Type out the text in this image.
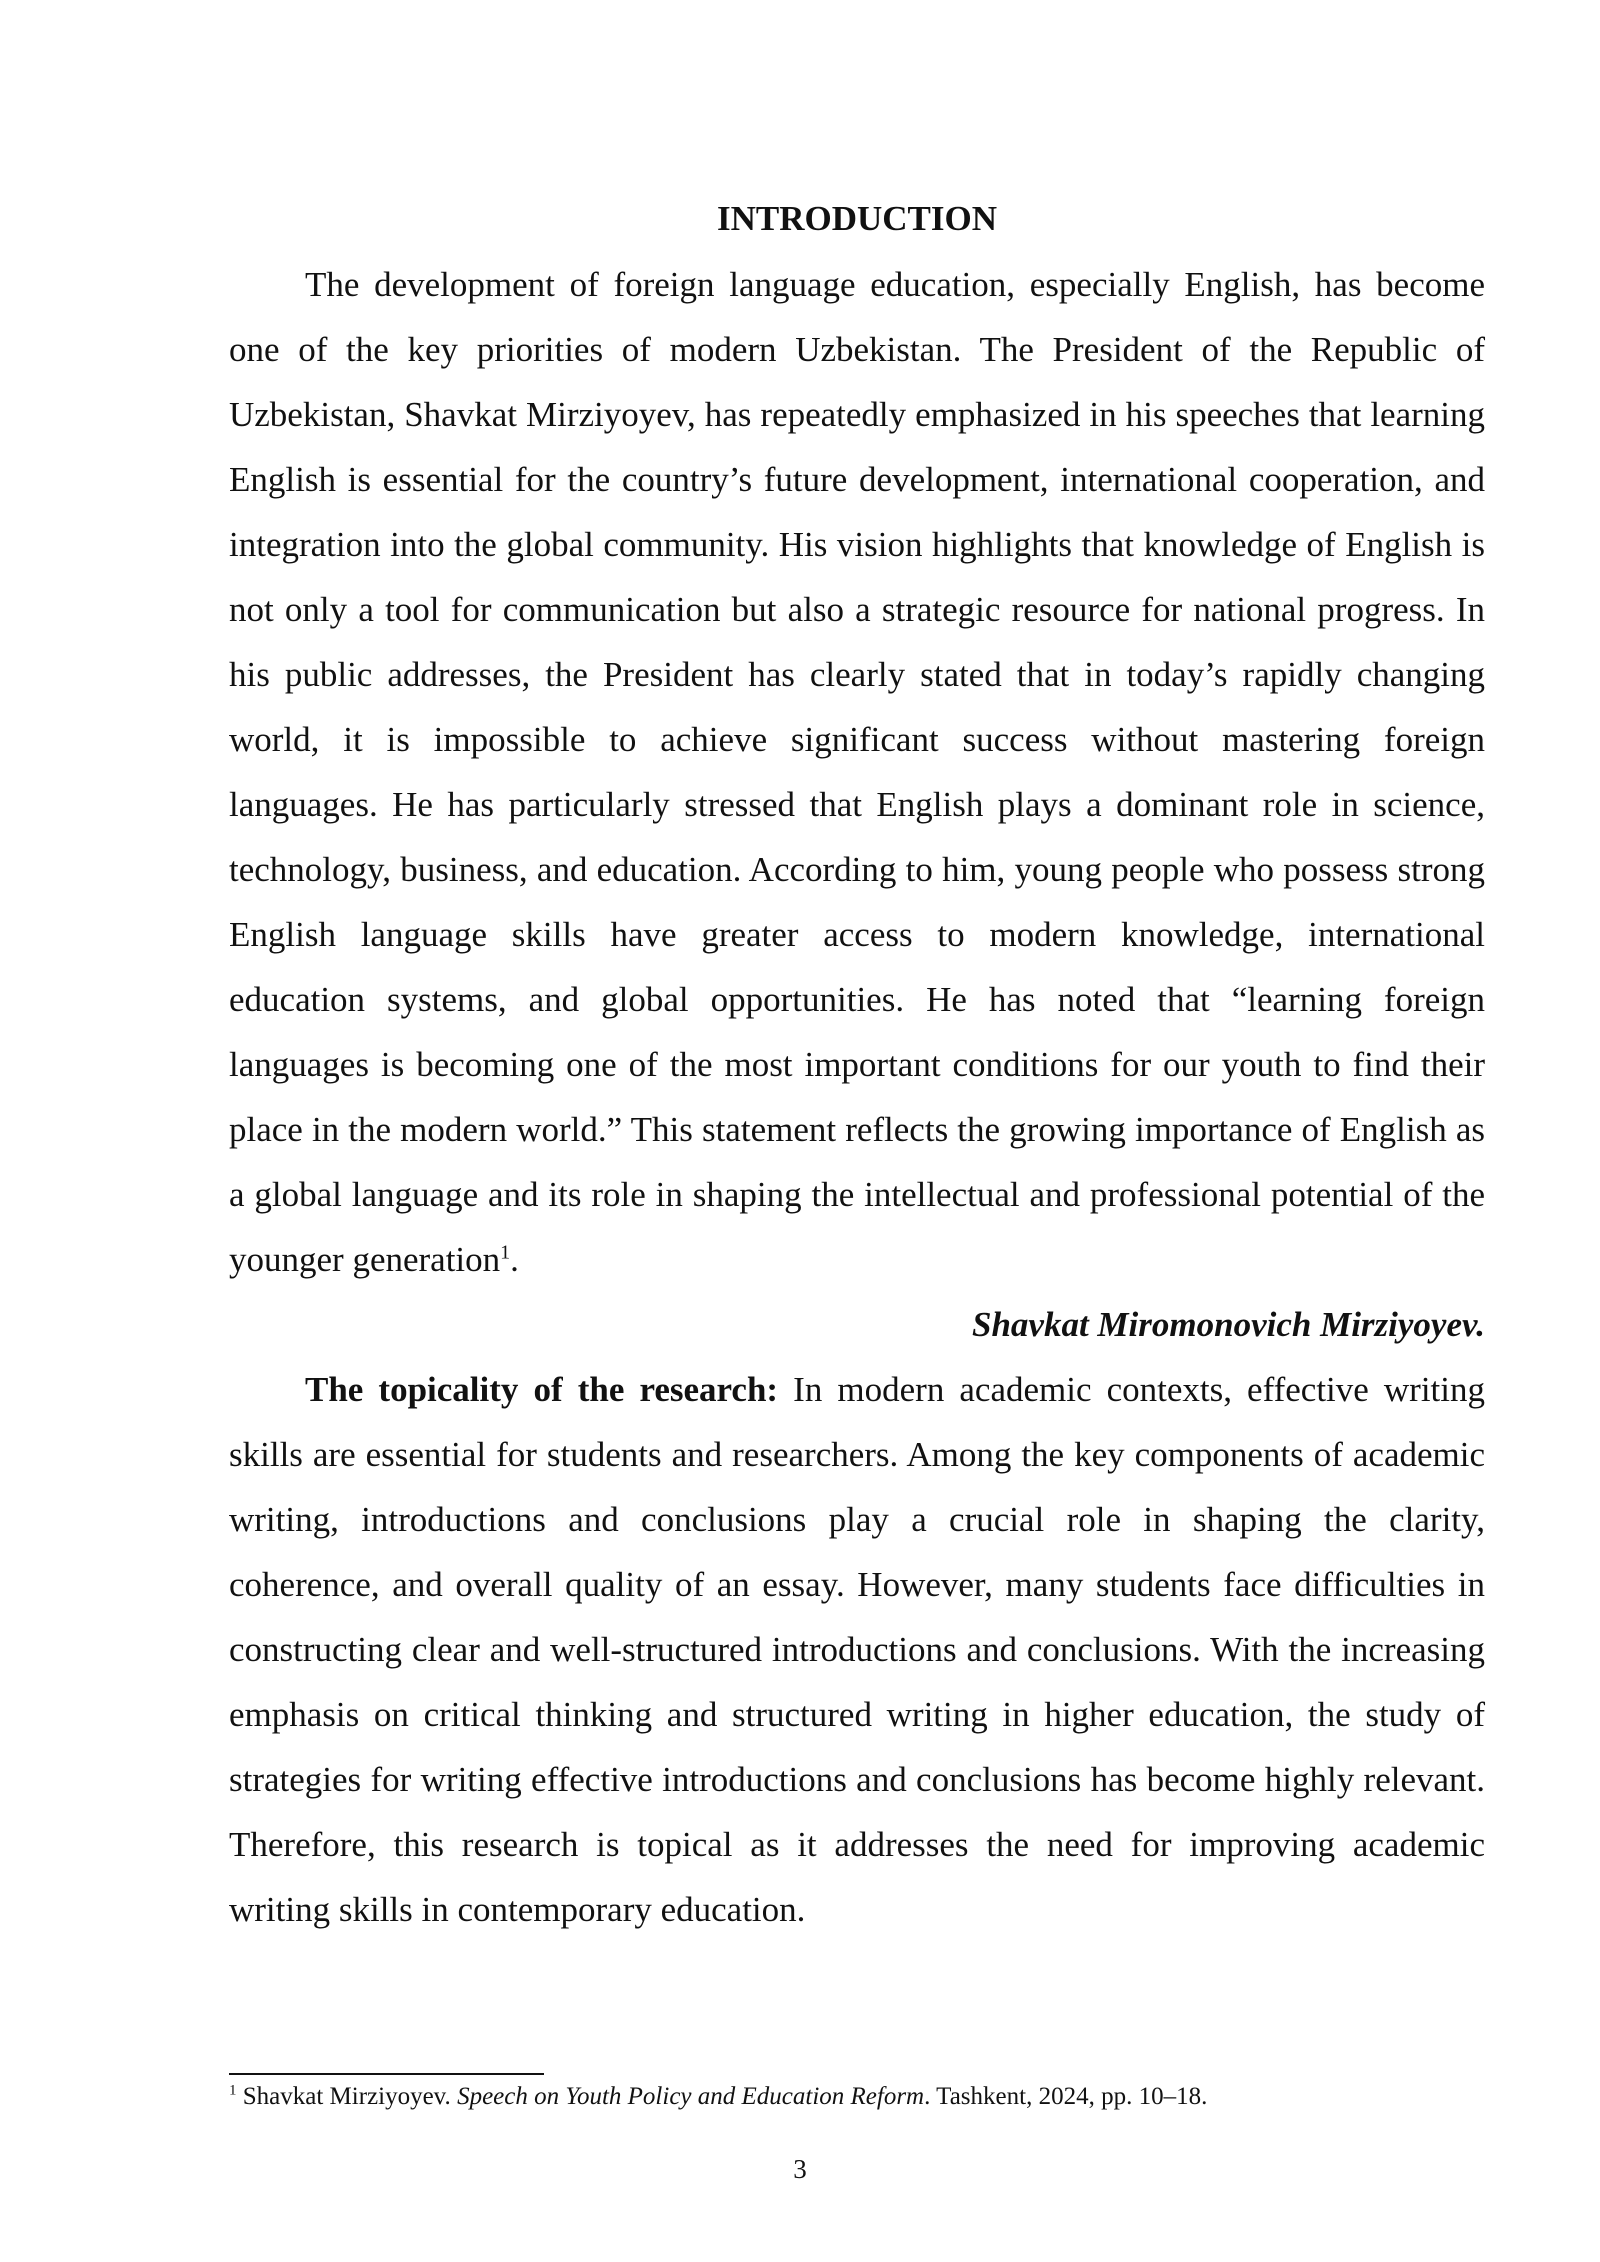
INTRODUCTION

The development of foreign language education, especially English, has become one of the key priorities of modern Uzbekistan. The President of the Republic of Uzbekistan, Shavkat Mirziyoyev, has repeatedly emphasized in his speeches that learning English is essential for the country’s future development, international cooperation, and integration into the global community. His vision highlights that knowledge of English is not only a tool for communication but also a strategic resource for national progress. In his public addresses, the President has clearly stated that in today’s rapidly changing world, it is impossible to achieve significant success without mastering foreign languages. He has particularly stressed that English plays a dominant role in science, technology, business, and education. According to him, young people who possess strong English language skills have greater access to modern knowledge, international education systems, and global opportunities. He has noted that “learning foreign languages is becoming one of the most important conditions for our youth to find their place in the modern world.” This statement reflects the growing importance of English as a global language and its role in shaping the intellectual and professional potential of the younger generation$^1$.

Shavkat Miromonovich Mirziyoyev.

The topicality of the research: In modern academic contexts, effective writing skills are essential for students and researchers. Among the key components of academic writing, introductions and conclusions play a crucial role in shaping the clarity, coherence, and overall quality of an essay. However, many students face difficulties in constructing clear and well-structured introductions and conclusions. With the increasing emphasis on critical thinking and structured writing in higher education, the study of strategies for writing effective introductions and conclusions has become highly relevant. Therefore, this research is topical as it addresses the need for improving academic writing skills in contemporary education.

$^1$ Shavkat Mirziyoyev. Speech on Youth Policy and Education Reform. Tashkent, 2024, pp. 10–18.
3
